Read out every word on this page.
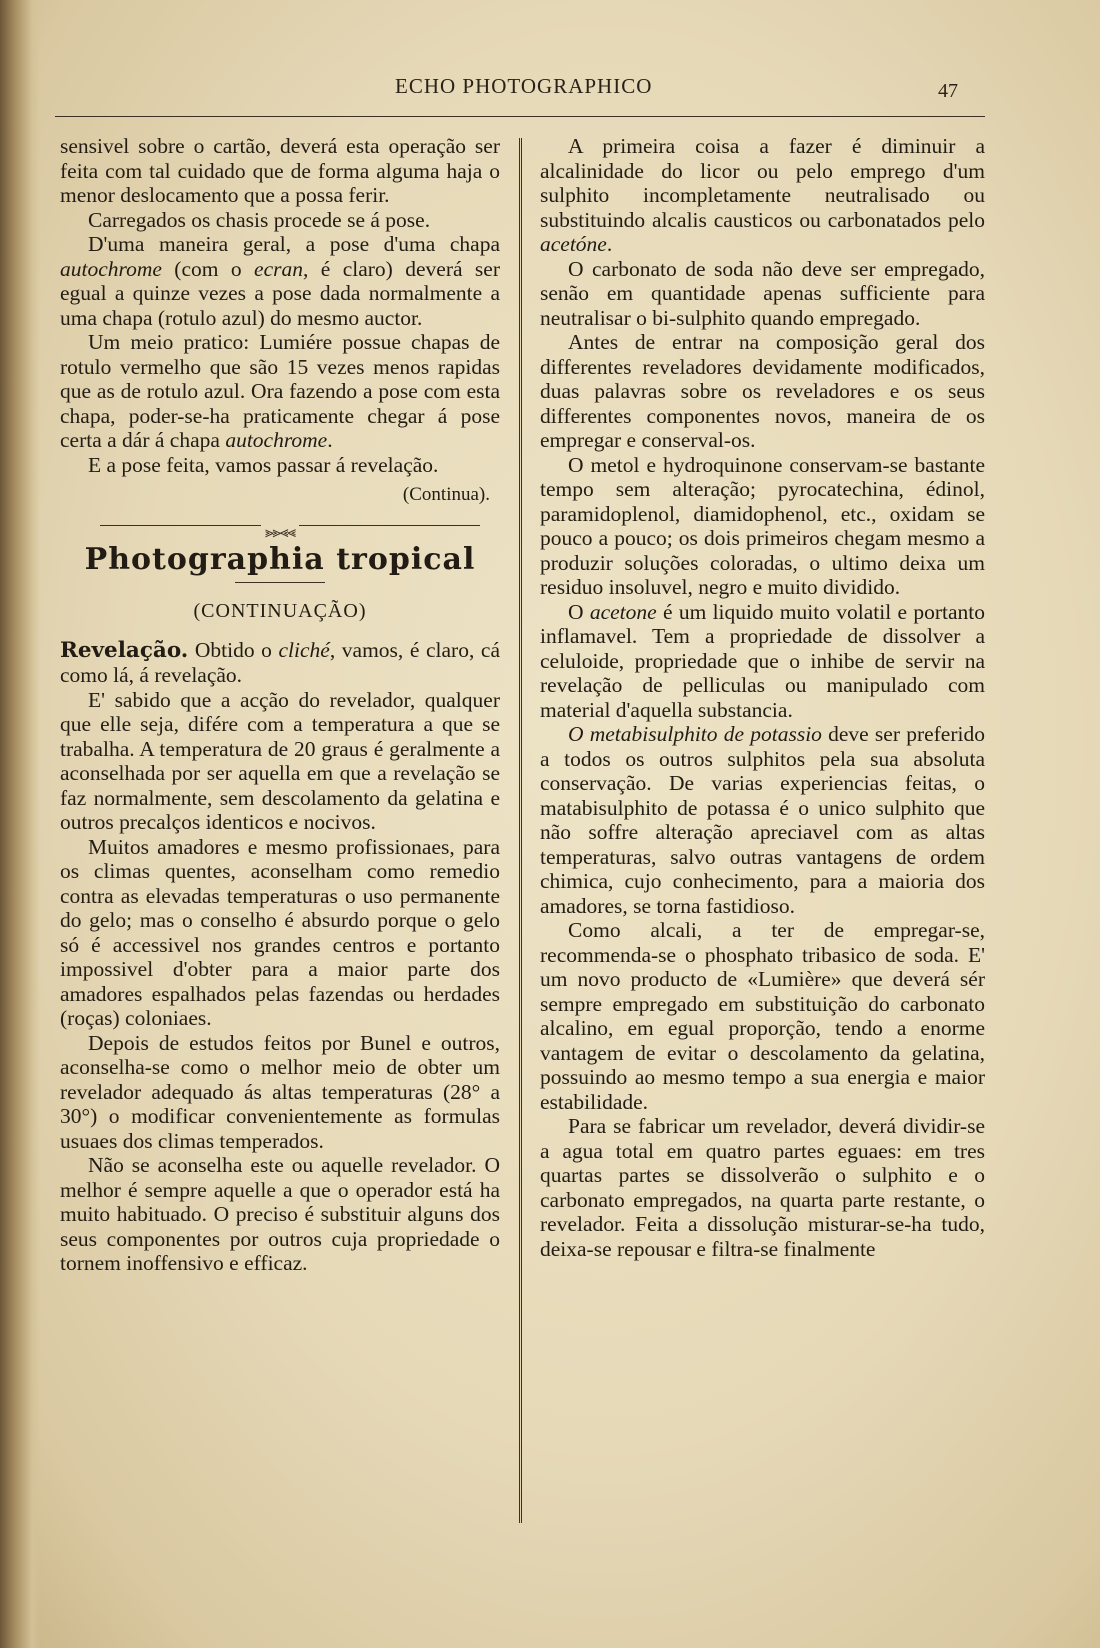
ECHO PHOTOGRAPHICO	47

sensivel sobre o cartão, deverá esta operação ser feita com tal cuidado que de forma alguma haja o menor deslocamento que a possa ferir.

Carregados os chasis procede se á pose.

D'uma maneira geral, a pose d'uma chapa autochrome (com o ecran, é claro) deverá ser egual a quinze vezes a pose dada normalmente a uma chapa (rotulo azul) do mesmo auctor.

Um meio pratico: Lumiére possue chapas de rotulo vermelho que são 15 vezes menos rapidas que as de rotulo azul. Ora fazendo a pose com esta chapa, poder-se-ha praticamente chegar á pose certa a dár á chapa autochrome.

E a pose feita, vamos passar á revelação.

(Continua).

⪢⪢⪡⪡
Photographia tropical
(CONTINUAÇÃO)

Revelação. Obtido o cliché, vamos, é claro, cá como lá, á revelação.

E' sabido que a acção do revelador, qualquer que elle seja, difére com a temperatura a que se trabalha. A temperatura de 20 graus é geralmente a aconselhada por ser aquella em que a revelação se faz normalmente, sem descolamento da gelatina e outros precalços identicos e nocivos.

Muitos amadores e mesmo profissionaes, para os climas quentes, aconselham como remedio contra as elevadas temperaturas o uso permanente do gelo; mas o conselho é absurdo porque o gelo só é accessivel nos grandes centros e portanto impossivel d'obter para a maior parte dos amadores espalhados pelas fazendas ou herdades (roças) coloniaes.

Depois de estudos feitos por Bunel e outros, aconselha-se como o melhor meio de obter um revelador adequado ás altas temperaturas (28° a 30°) o modificar convenientemente as formulas usuaes dos climas temperados.

Não se aconselha este ou aquelle revelador. O melhor é sempre aquelle a que o operador está ha muito habituado. O preciso é substituir alguns dos seus componentes por outros cuja propriedade o tornem inoffensivo e efficaz.

A primeira coisa a fazer é diminuir a alcalinidade do licor ou pelo emprego d'um sulphito incompletamente neutralisado ou substituindo alcalis causticos ou carbonatados pelo acetóne.

O carbonato de soda não deve ser empregado, senão em quantidade apenas sufficiente para neutralisar o bi-sulphito quando empregado.

Antes de entrar na composição geral dos differentes reveladores devidamente modificados, duas palavras sobre os reveladores e os seus differentes componentes novos, maneira de os empregar e conserval-os.

O metol e hydroquinone conservam-se bastante tempo sem alteração; pyrocatechina, édinol, paramidoplenol, diamidophenol, etc., oxidam se pouco a pouco; os dois primeiros chegam mesmo a produzir soluções coloradas, o ultimo deixa um residuo insoluvel, negro e muito dividido.

O acetone é um liquido muito volatil e portanto inflamavel. Tem a propriedade de dissolver a celuloide, propriedade que o inhibe de servir na revelação de pelliculas ou manipulado com material d'aquella substancia.

O metabisulphito de potassio deve ser preferido a todos os outros sulphitos pela sua absoluta conservação. De varias experiencias feitas, o matabisulphito de potassa é o unico sulphito que não soffre alteração apreciavel com as altas temperaturas, salvo outras vantagens de ordem chimica, cujo conhecimento, para a maioria dos amadores, se torna fastidioso.

Como alcali, a ter de empregar-se, recommenda-se o phosphato tribasico de soda. E' um novo producto de «Lumière» que deverá sér sempre empregado em substituição do carbonato alcalino, em egual proporção, tendo a enorme vantagem de evitar o descolamento da gelatina, possuindo ao mesmo tempo a sua energia e maior estabilidade.

Para se fabricar um revelador, deverá dividir-se a agua total em quatro partes eguaes: em tres quartas partes se dissolverão o sulphito e o carbonato empregados, na quarta parte restante, o revelador. Feita a dissolução misturar-se-ha tudo, deixa-se repousar e filtra-se finalmente
